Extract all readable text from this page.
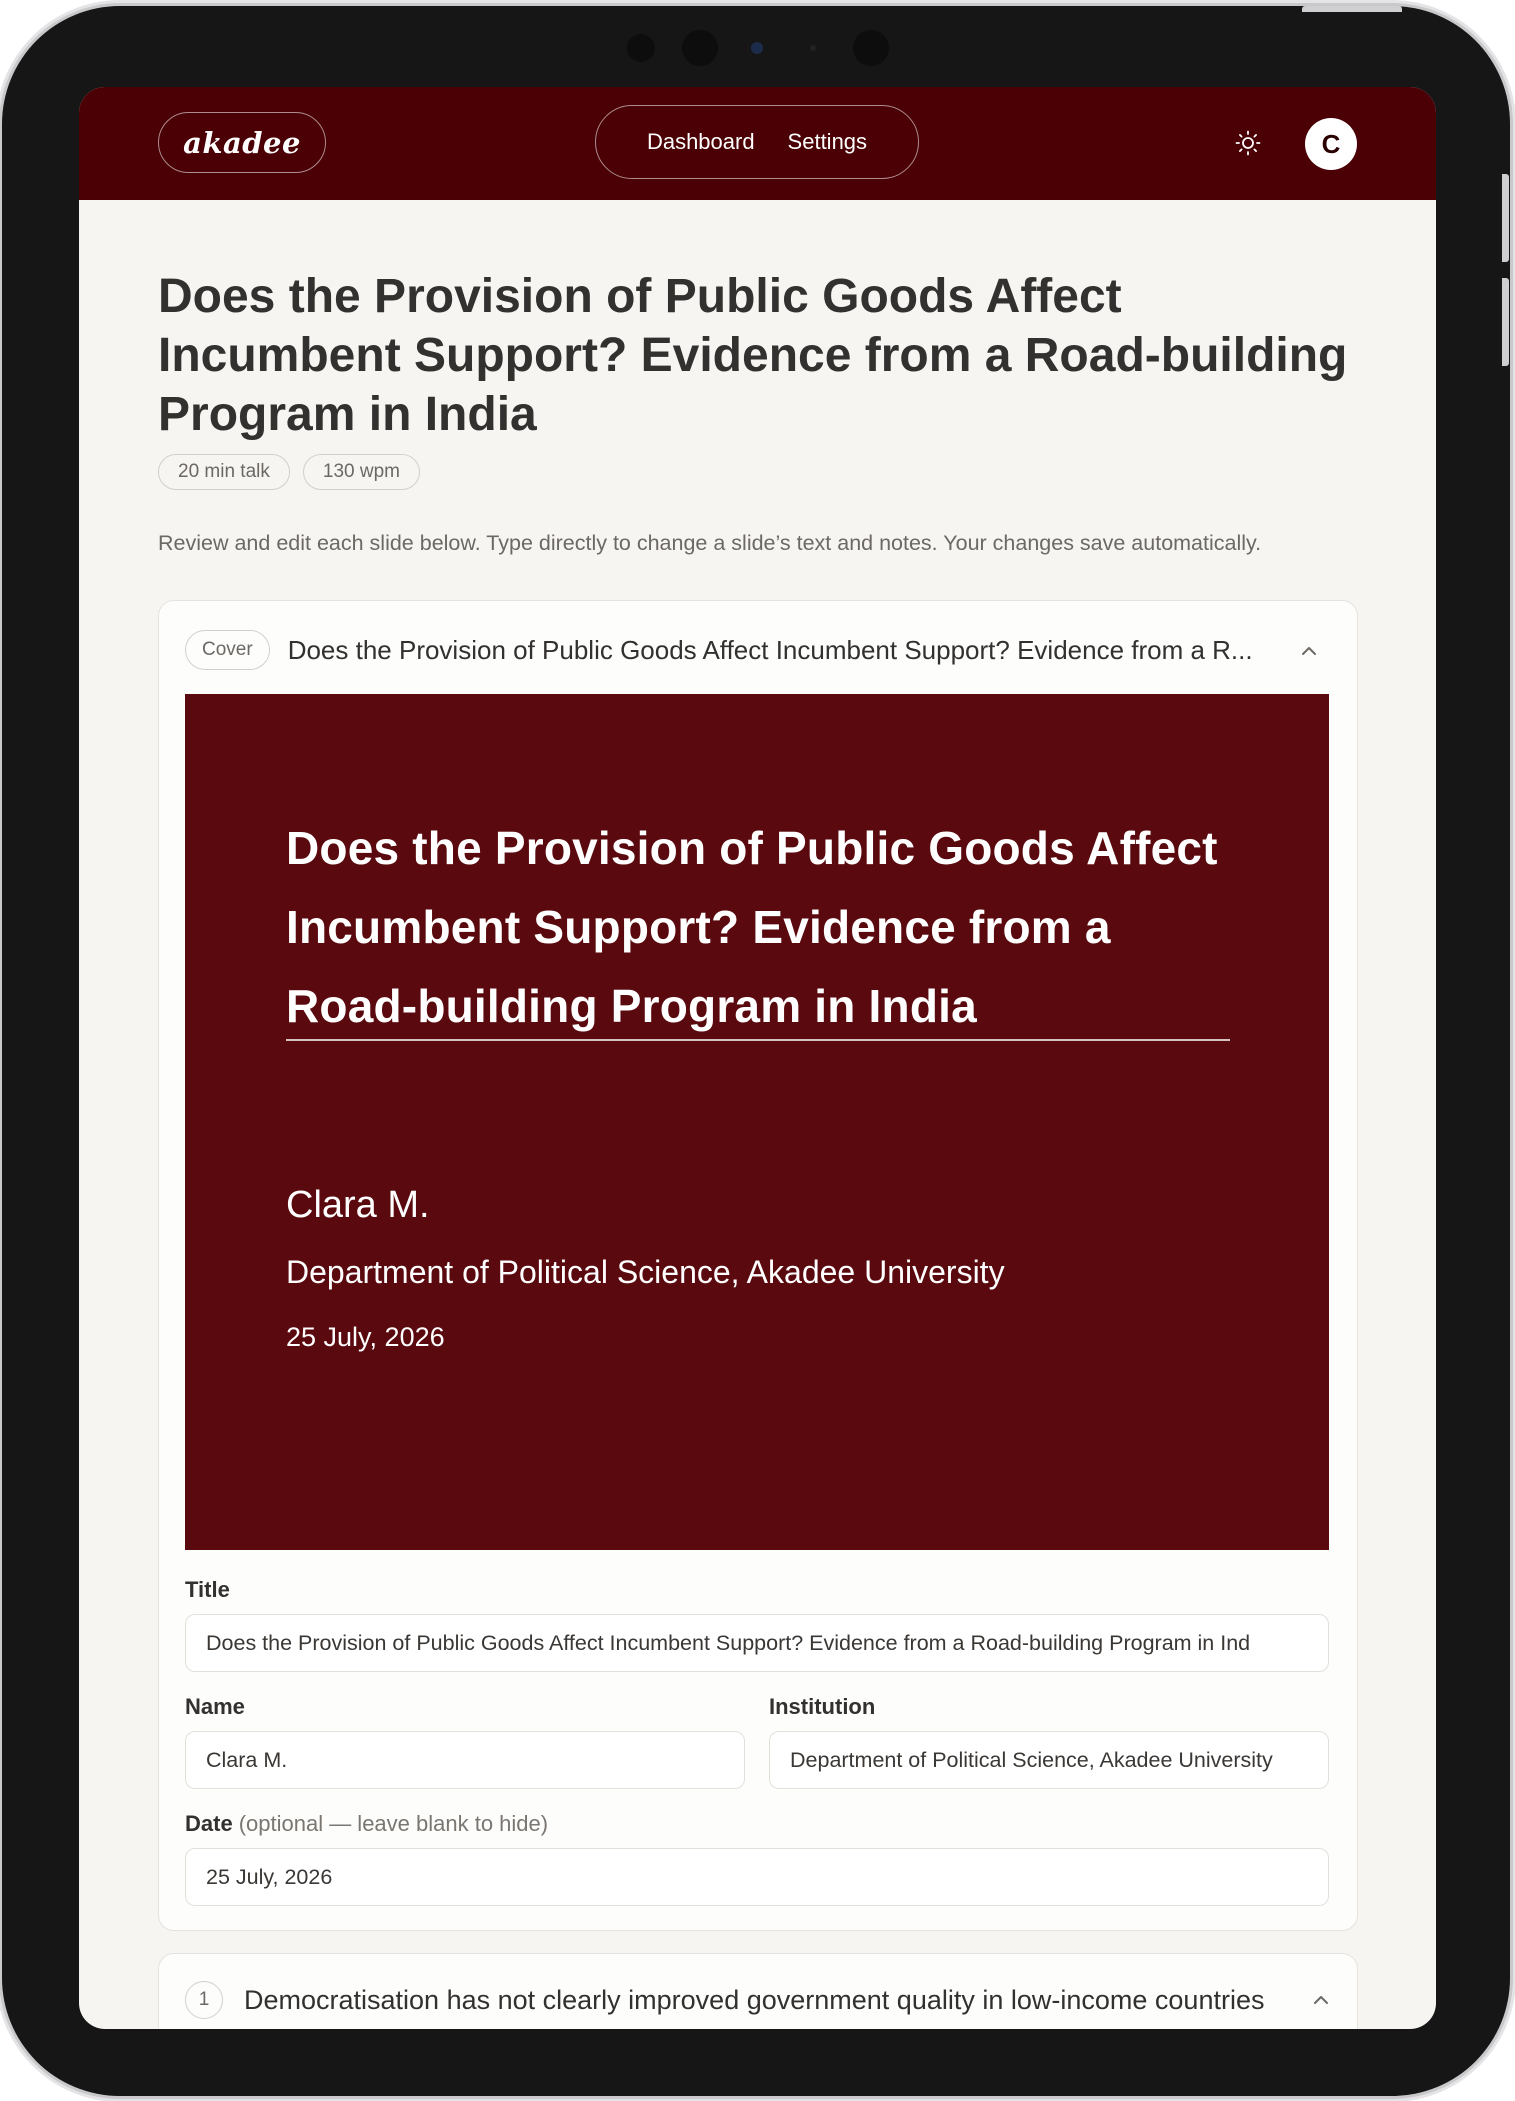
akadee	Dashboard Settings	C
Does the Provision of Public Goods Affect Incumbent Support? Evidence from a Road-building Program in India
20 min talk	130 wpm

Review and edit each slide below. Type directly to change a slide’s text and notes. Your changes save automatically.

Cover	Does the Provision of Public Goods Affect Incumbent Support? Evidence from a R...
Does the Provision of Public Goods Affect Incumbent Support? Evidence from a Road-building Program in India
Clara M.
Department of Political Science, Akadee University
25 July, 2026
Title
Does the Provision of Public Goods Affect Incumbent Support? Evidence from a Road-building Program in Ind
Name
Clara M.
Institution
Department of Political Science, Akadee University
Date (optional — leave blank to hide)
25 July, 2026
1	Democratisation has not clearly improved government quality in low-income countries
